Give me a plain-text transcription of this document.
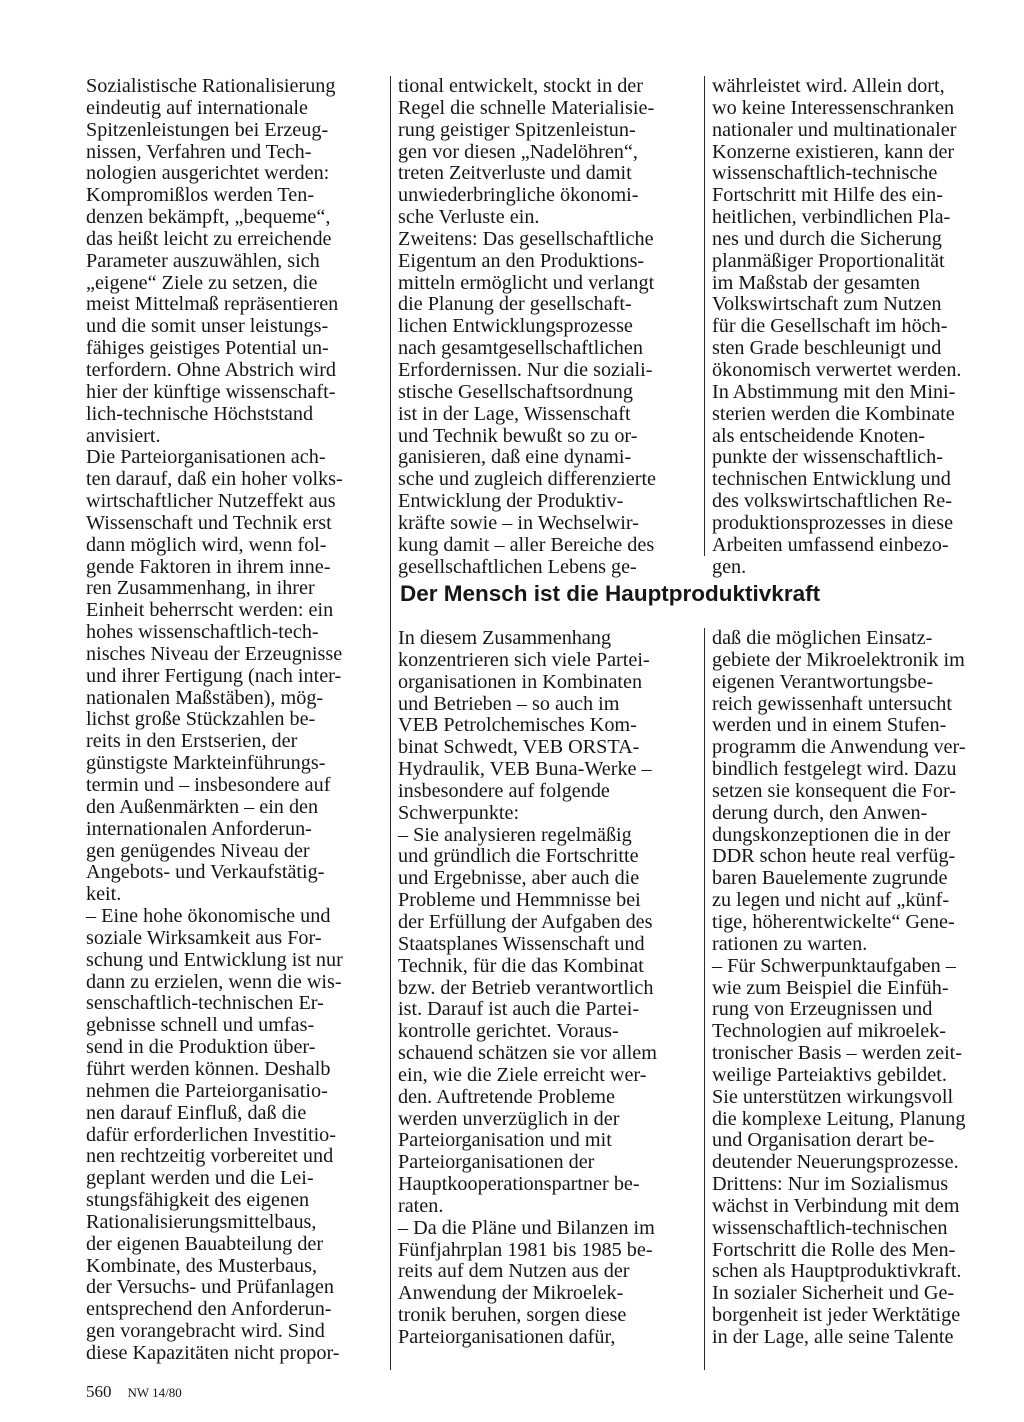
Sozialistische Rationalisierung
eindeutig auf internationale
Spitzenleistungen bei Erzeug-
nissen, Verfahren und Tech-
nologien ausgerichtet werden:
Kompromißlos werden Ten-
denzen bekämpft, „bequeme“,
das heißt leicht zu erreichende
Parameter auszuwählen, sich
„eigene“ Ziele zu setzen, die
meist Mittelmaß repräsentieren
und die somit unser leistungs-
fähiges geistiges Potential un-
terfordern. Ohne Abstrich wird
hier der künftige wissenschaft-
lich-technische Höchststand
anvisiert.

Die Parteiorganisationen ach-
ten darauf, daß ein hoher volks-
wirtschaftlicher Nutzeffekt aus
Wissenschaft und Technik erst
dann möglich wird, wenn fol-
gende Faktoren in ihrem inne-
ren Zusammenhang, in ihrer
Einheit beherrscht werden: ein
hohes wissenschaftlich-tech-
nisches Niveau der Erzeugnisse
und ihrer Fertigung (nach inter-
nationalen Maßstäben), mög-
lichst große Stückzahlen be-
reits in den Erstserien, der
günstigste Markteinführungs-
termin und – insbesondere auf
den Außenmärkten – ein den
internationalen Anforderun-
gen genügendes Niveau der
Angebots- und Verkaufstätig-
keit.

– Eine hohe ökonomische und
soziale Wirksamkeit aus For-
schung und Entwicklung ist nur
dann zu erzielen, wenn die wis-
senschaftlich-technischen Er-
gebnisse schnell und umfas-
send in die Produktion über-
führt werden können. Deshalb
nehmen die Parteiorganisatio-
nen darauf Einfluß, daß die
dafür erforderlichen Investitio-
nen rechtzeitig vorbereitet und
geplant werden und die Lei-
stungsfähigkeit des eigenen
Rationalisierungsmittelbaus,
der eigenen Bauabteilung der
Kombinate, des Musterbaus,
der Versuchs- und Prüfanlagen
entsprechend den Anforderun-
gen vorangebracht wird. Sind
diese Kapazitäten nicht propor-

tional entwickelt, stockt in der
Regel die schnelle Materialisie-
rung geistiger Spitzenleistun-
gen vor diesen „Nadelöhren“,
treten Zeitverluste und damit
unwiederbringliche ökonomi-
sche Verluste ein.

Zweitens: Das gesellschaftliche
Eigentum an den Produktions-
mitteln ermöglicht und verlangt
die Planung der gesellschaft-
lichen Entwicklungsprozesse
nach gesamtgesellschaftlichen
Erfordernissen. Nur die soziali-
stische Gesellschaftsordnung
ist in der Lage, Wissenschaft
und Technik bewußt so zu or-
ganisieren, daß eine dynami-
sche und zugleich differenzierte
Entwicklung der Produktiv-
kräfte sowie – in Wechselwir-
kung damit – aller Bereiche des
gesellschaftlichen Lebens ge-

währleistet wird. Allein dort,
wo keine Interessenschranken
nationaler und multinationaler
Konzerne existieren, kann der
wissenschaftlich-technische
Fortschritt mit Hilfe des ein-
heitlichen, verbindlichen Pla-
nes und durch die Sicherung
planmäßiger Proportionalität
im Maßstab der gesamten
Volkswirtschaft zum Nutzen
für die Gesellschaft im höch-
sten Grade beschleunigt und
ökonomisch verwertet werden.

In Abstimmung mit den Mini-
sterien werden die Kombinate
als entscheidende Knoten-
punkte der wissenschaftlich-
technischen Entwicklung und
des volkswirtschaftlichen Re-
produktionsprozesses in diese
Arbeiten umfassend einbezo-
gen.

Der Mensch ist die Hauptproduktivkraft

In diesem Zusammenhang
konzentrieren sich viele Partei-
organisationen in Kombinaten
und Betrieben – so auch im
VEB Petrolchemisches Kom-
binat Schwedt, VEB ORSTA-
Hydraulik, VEB Buna-Werke –
insbesondere auf folgende
Schwerpunkte:

– Sie analysieren regelmäßig
und gründlich die Fortschritte
und Ergebnisse, aber auch die
Probleme und Hemmnisse bei
der Erfüllung der Aufgaben des
Staatsplanes Wissenschaft und
Technik, für die das Kombinat
bzw. der Betrieb verantwortlich
ist. Darauf ist auch die Partei-
kontrolle gerichtet. Voraus-
schauend schätzen sie vor allem
ein, wie die Ziele erreicht wer-
den. Auftretende Probleme
werden unverzüglich in der
Parteiorganisation und mit
Parteiorganisationen der
Hauptkooperationspartner be-
raten.

– Da die Pläne und Bilanzen im
Fünfjahrplan 1981 bis 1985 be-
reits auf dem Nutzen aus der
Anwendung der Mikroelek-
tronik beruhen, sorgen diese
Parteiorganisationen dafür,

daß die möglichen Einsatz-
gebiete der Mikroelektronik im
eigenen Verantwortungsbe-
reich gewissenhaft untersucht
werden und in einem Stufen-
programm die Anwendung ver-
bindlich festgelegt wird. Dazu
setzen sie konsequent die For-
derung durch, den Anwen-
dungskonzeptionen die in der
DDR schon heute real verfüg-
baren Bauelemente zugrunde
zu legen und nicht auf „künf-
tige, höherentwickelte“ Gene-
rationen zu warten.

– Für Schwerpunktaufgaben –
wie zum Beispiel die Einfüh-
rung von Erzeugnissen und
Technologien auf mikroelek-
tronischer Basis – werden zeit-
weilige Parteiaktivs gebildet.
Sie unterstützen wirkungsvoll
die komplexe Leitung, Planung
und Organisation derart be-
deutender Neuerungsprozesse.

Drittens: Nur im Sozialismus
wächst in Verbindung mit dem
wissenschaftlich-technischen
Fortschritt die Rolle des Men-
schen als Hauptproduktivkraft.
In sozialer Sicherheit und Ge-
borgenheit ist jeder Werktätige
in der Lage, alle seine Talente

560 NW 14/80
